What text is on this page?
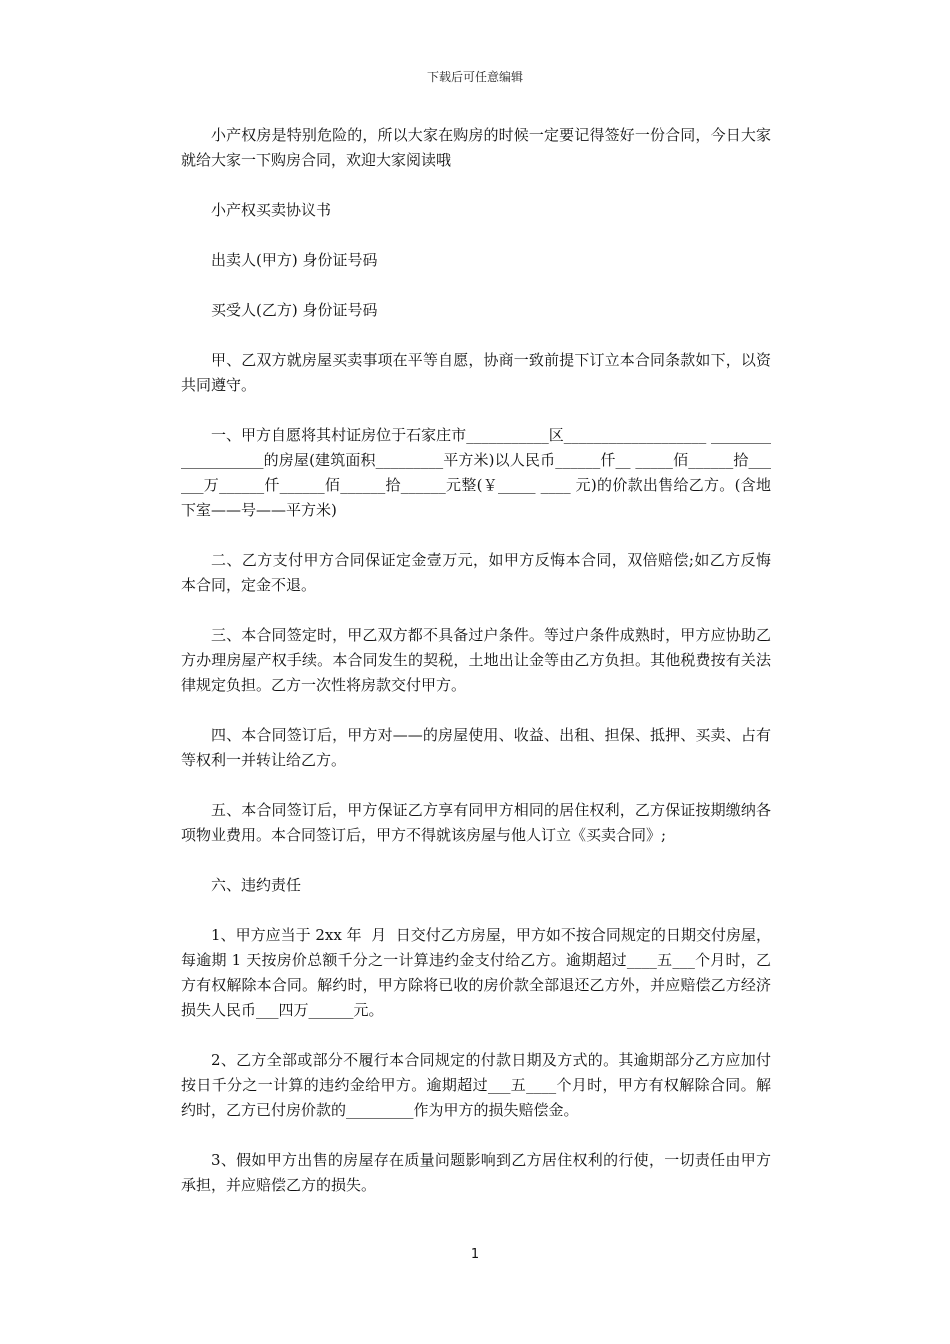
下载后可任意编辑

小产权房是特别危险的，所以大家在购房的时候一定要记得签好一份合同，今日大家就给大家一下购房合同，欢迎大家阅读哦

小产权买卖协议书

出卖人(甲方) 身份证号码

买受人(乙方) 身份证号码

甲、乙双方就房屋买卖事项在平等自愿，协商一致前提下订立本合同条款如下，以资共同遵守。

一、甲方自愿将其村证房位于石家庄市___________区___________________ ___________________的房屋(建筑面积_________平方米)以人民币______仟__ _____佰______拾______万______仟______佰______拾______元整(￥_____ ____ 元)的价款出售给乙方。(含地下室——号——平方米)

二、乙方支付甲方合同保证定金壹万元，如甲方反悔本合同，双倍赔偿;如乙方反悔本合同，定金不退。

三、本合同签定时，甲乙双方都不具备过户条件。等过户条件成熟时，甲方应协助乙方办理房屋产权手续。本合同发生的契税，土地出让金等由乙方负担。其他税费按有关法律规定负担。乙方一次性将房款交付甲方。

四、本合同签订后，甲方对——的房屋使用、收益、出租、担保、抵押、买卖、占有等权利一并转让给乙方。

五、本合同签订后，甲方保证乙方享有同甲方相同的居住权利，乙方保证按期缴纳各项物业费用。本合同签订后，甲方不得就该房屋与他人订立《买卖合同》;

六、违约责任

1、甲方应当于 2xx 年  月  日交付乙方房屋，甲方如不按合同规定的日期交付房屋，每逾期 1 天按房价总额千分之一计算违约金支付给乙方。逾期超过____五___个月时，乙方有权解除本合同。解约时，甲方除将已收的房价款全部退还乙方外，并应赔偿乙方经济损失人民币___四万______元。

2、乙方全部或部分不履行本合同规定的付款日期及方式的。其逾期部分乙方应加付按日千分之一计算的违约金给甲方。逾期超过___五____个月时，甲方有权解除合同。解约时，乙方已付房价款的_________作为甲方的损失赔偿金。

3、假如甲方出售的房屋存在质量问题影响到乙方居住权利的行使，一切责任由甲方承担，并应赔偿乙方的损失。

1
